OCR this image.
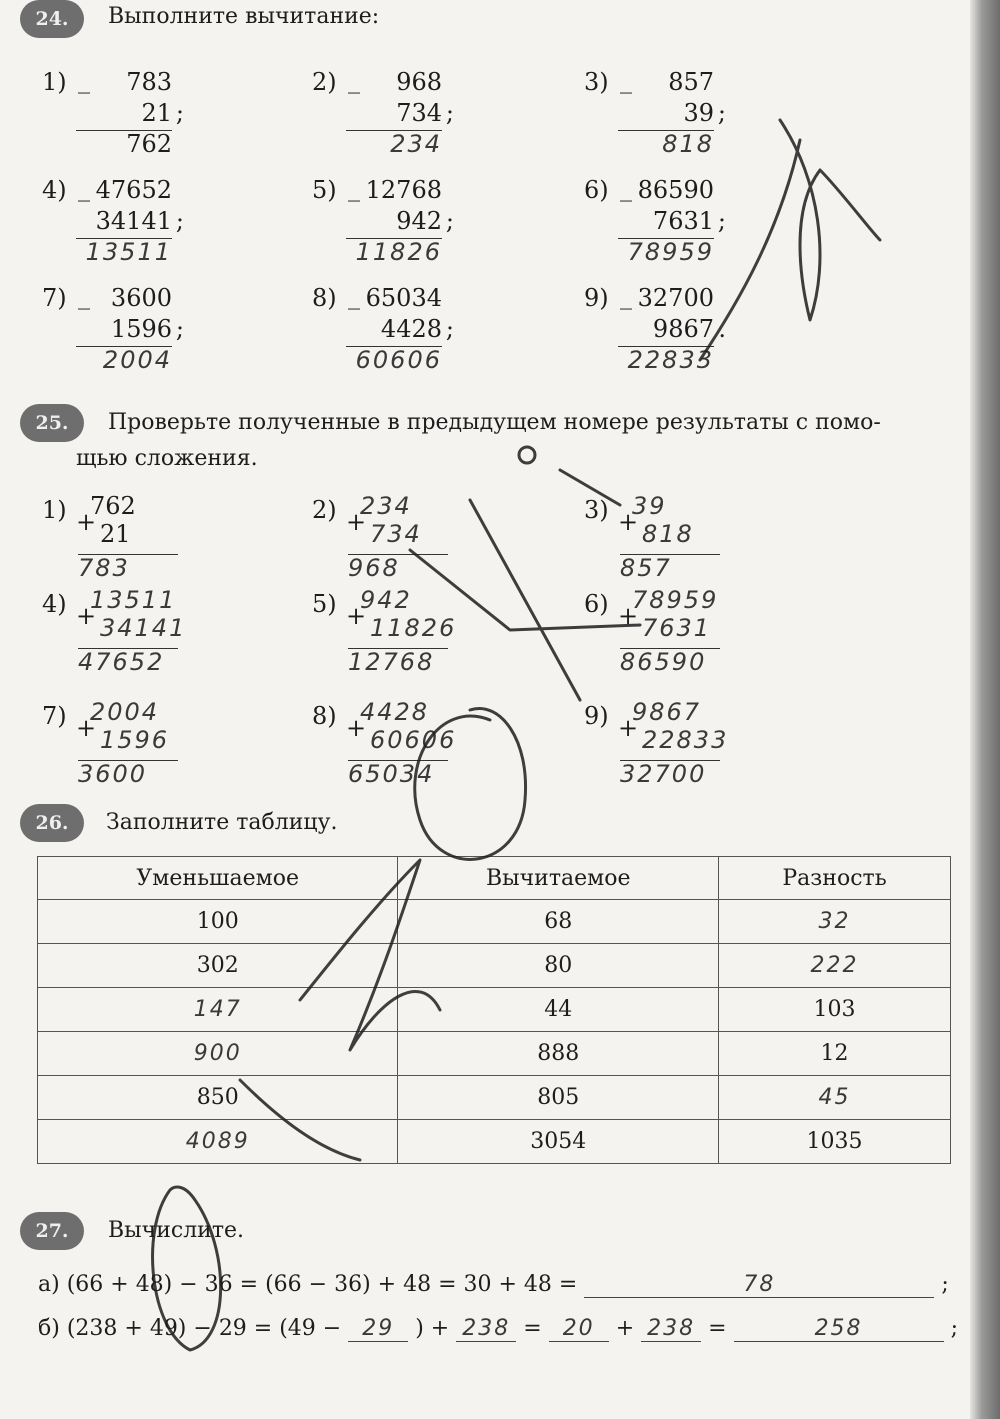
24.	Выполните вычитание:
1) _ 783
21 ;
762
2) _ 968
734 ;
234
3) _ 857
39 ;
818
4) _ 47652
34141 ;
13511
5) _ 12768
942 ;
11826
6) _ 86590
7631 ;
78959
7) _ 3600
1596 ;
2004
8) _ 65034
4428 ;
60606
9) _ 32700
9867 .
22833
25.	Проверьте полученные в предыдущем номере результаты с помо-
щью сложения.
1) 762
+ 21
783
2) 234
+ 734
968
3) 39
+ 818
857
4) 13511
+ 34141
47652
5) 942
+ 11826
12768
6) 78959
+ 7631
86590
7) 2004
+ 1596
3600
8) 4428
+ 60606
65034
9) 9867
+ 22833
32700
26.	Заполните таблицу.
Уменьшаемое	Вычитаемое	Разность
100	68	32
302	80	222
147	44	103
900	888	12
850	805	45
4089	3054	1035
27.	Вычислите.
а) (66 + 48) − 36 = (66 − 36) + 48 = 30 + 48 =	78	;
б) (238 + 49) − 29 = (49 − 29 ) + 238 = 20 + 238 =	258	;
